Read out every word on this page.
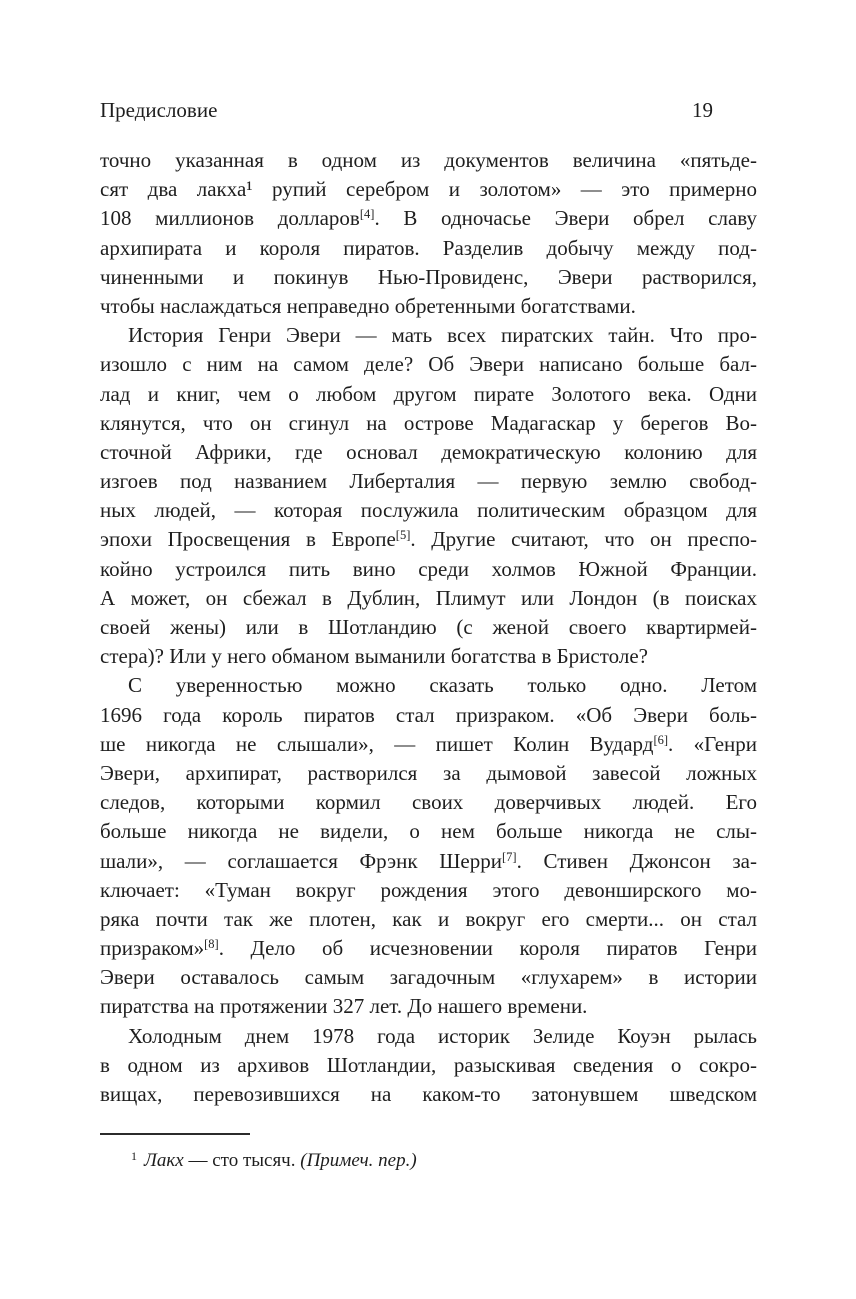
Предисловие	19
точно указанная в одном из документов величина «пятьде-
сят два лакха¹ рупий серебром и золотом» — это примерно
108 миллионов долларов[4]. В одночасье Эвери обрел славу
архипирата и короля пиратов. Разделив добычу между под-
чиненными и покинув Нью-Провиденс, Эвери растворился,
чтобы наслаждаться неправедно обретенными богатствами.
История Генри Эвери — мать всех пиратских тайн. Что про-
изошло с ним на самом деле? Об Эвери написано больше бал-
лад и книг, чем о любом другом пирате Золотого века. Одни
клянутся, что он сгинул на острове Мадагаскар у берегов Во-
сточной Африки, где основал демократическую колонию для
изгоев под названием Либерталия — первую землю свобод-
ных людей, — которая послужила политическим образцом для
эпохи Просвещения в Европе[5]. Другие считают, что он преспо-
койно устроился пить вино среди холмов Южной Франции.
А может, он сбежал в Дублин, Плимут или Лондон (в поисках
своей жены) или в Шотландию (с женой своего квартирмей-
стера)? Или у него обманом выманили богатства в Бристоле?
С уверенностью можно сказать только одно. Летом
1696 года король пиратов стал призраком. «Об Эвери боль-
ше никогда не слышали», — пишет Колин Вудард[6]. «Генри
Эвери, архипират, растворился за дымовой завесой ложных
следов, которыми кормил своих доверчивых людей. Его
больше никогда не видели, о нем больше никогда не слы-
шали», — соглашается Фрэнк Шерри[7]. Стивен Джонсон за-
ключает: «Туман вокруг рождения этого девонширского мо-
ряка почти так же плотен, как и вокруг его смерти... он стал
призраком»[8]. Дело об исчезновении короля пиратов Генри
Эвери оставалось самым загадочным «глухарем» в истории
пиратства на протяжении 327 лет. До нашего времени.
Холодным днем 1978 года историк Зелиде Коуэн рылась
в одном из архивов Шотландии, разыскивая сведения о сокро-
вищах, перевозившихся на каком-то затонувшем шведском
$^1$ Лакх — сто тысяч. (Примеч. пер.)
